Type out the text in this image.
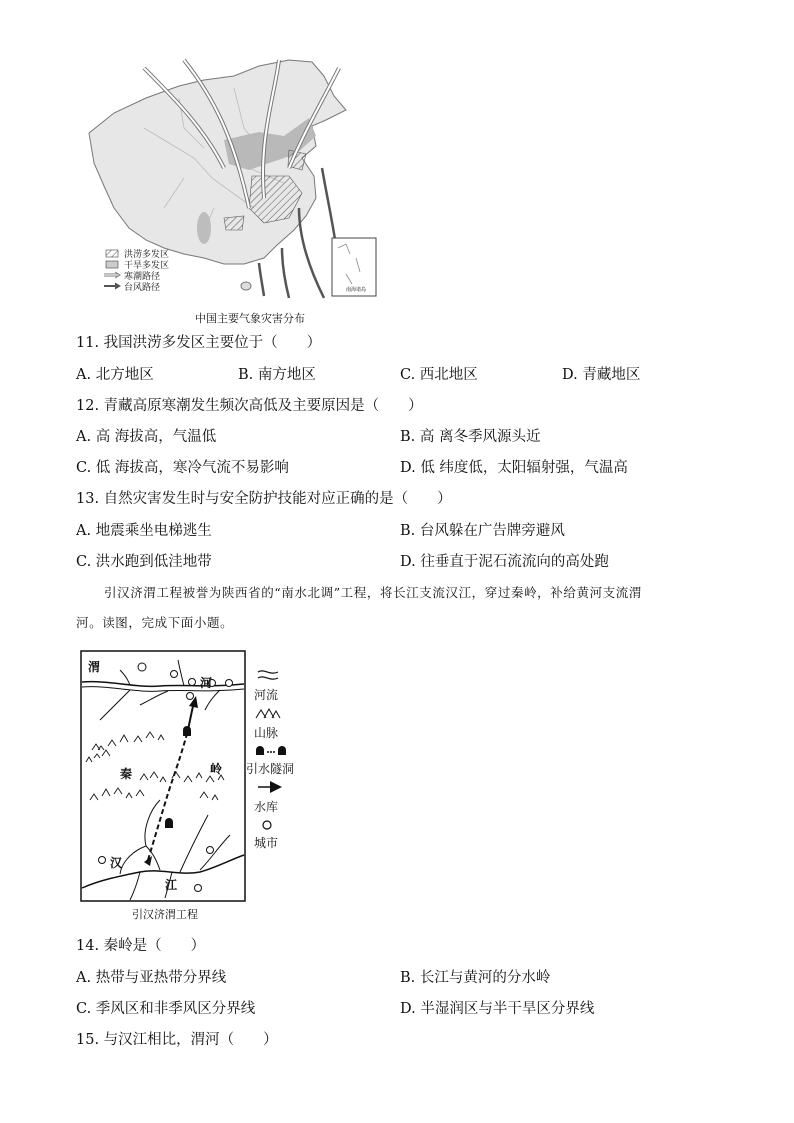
洪涝多发区
干旱多发区
寒潮路径
台风路径	南海诸岛
中国主要气象灾害分布
11. 我国洪涝多发区主要位于（　　）
A. 北方地区	B. 南方地区	C. 西北地区	D. 青藏地区
12. 青藏高原寒潮发生频次高低及主要原因是（　　）
A. 高 海拔高，气温低	B. 高 离冬季风源头近
C. 低 海拔高，寒冷气流不易影响	D. 低 纬度低，太阳辐射强，气温高
13. 自然灾害发生时与安全防护技能对应正确的是（　　）
A. 地震乘坐电梯逃生	B. 台风躲在广告牌旁避风
C. 洪水跑到低洼地带	D. 往垂直于泥石流流向的高处跑
引汉济渭工程被誉为陕西省的“南水北调”工程，将长江支流汉江，穿过秦岭，补给黄河支流渭
河。读图，完成下面小题。
渭
河
秦	岭
汉
江
引汉济渭工程
河流
山脉
引水隧洞
水库
城市
14. 秦岭是（　　）
A. 热带与亚热带分界线	B. 长江与黄河的分水岭
C. 季风区和非季风区分界线	D. 半湿润区与半干旱区分界线
15. 与汉江相比，渭河（　　）
